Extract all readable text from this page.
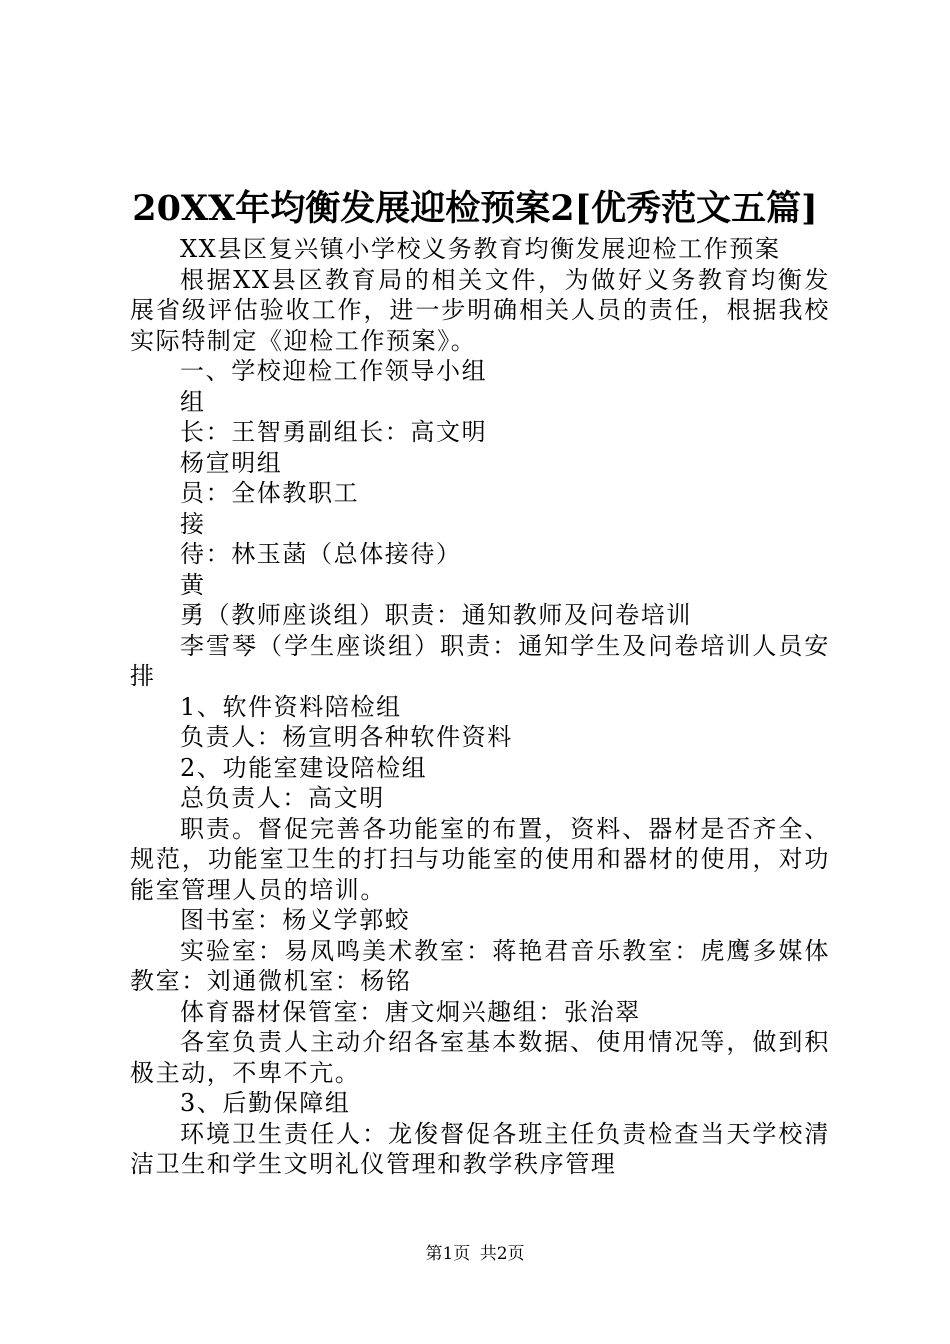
20XX年均衡发展迎检预案2[优秀范文五篇]

XX县区复兴镇小学校义务教育均衡发展迎检工作预案

根据XX县区教育局的相关文件，为做好义务教育均衡发展省级评估验收工作，进一步明确相关人员的责任，根据我校实际特制定《迎检工作预案》。

一、学校迎检工作领导小组

组

长：王智勇副组长：高文明

杨宣明组

员：全体教职工

接

待：林玉菡（总体接待）

黄

勇（教师座谈组）职责：通知教师及问卷培训

李雪琴（学生座谈组）职责：通知学生及问卷培训人员安排

1、软件资料陪检组

负责人：杨宣明各种软件资料

2、功能室建设陪检组

总负责人：高文明

职责。督促完善各功能室的布置，资料、器材是否齐全、规范，功能室卫生的打扫与功能室的使用和器材的使用，对功能室管理人员的培训。

图书室：杨义学郭蛟

实验室：易凤鸣美术教室：蒋艳君音乐教室：虎鹰多媒体教室：刘通微机室：杨铭

体育器材保管室：唐文炯兴趣组：张治翠

各室负责人主动介绍各室基本数据、使用情况等，做到积极主动，不卑不亢。

3、后勤保障组

环境卫生责任人：龙俊督促各班主任负责检查当天学校清洁卫生和学生文明礼仪管理和教学秩序管理

第1页 共2页
